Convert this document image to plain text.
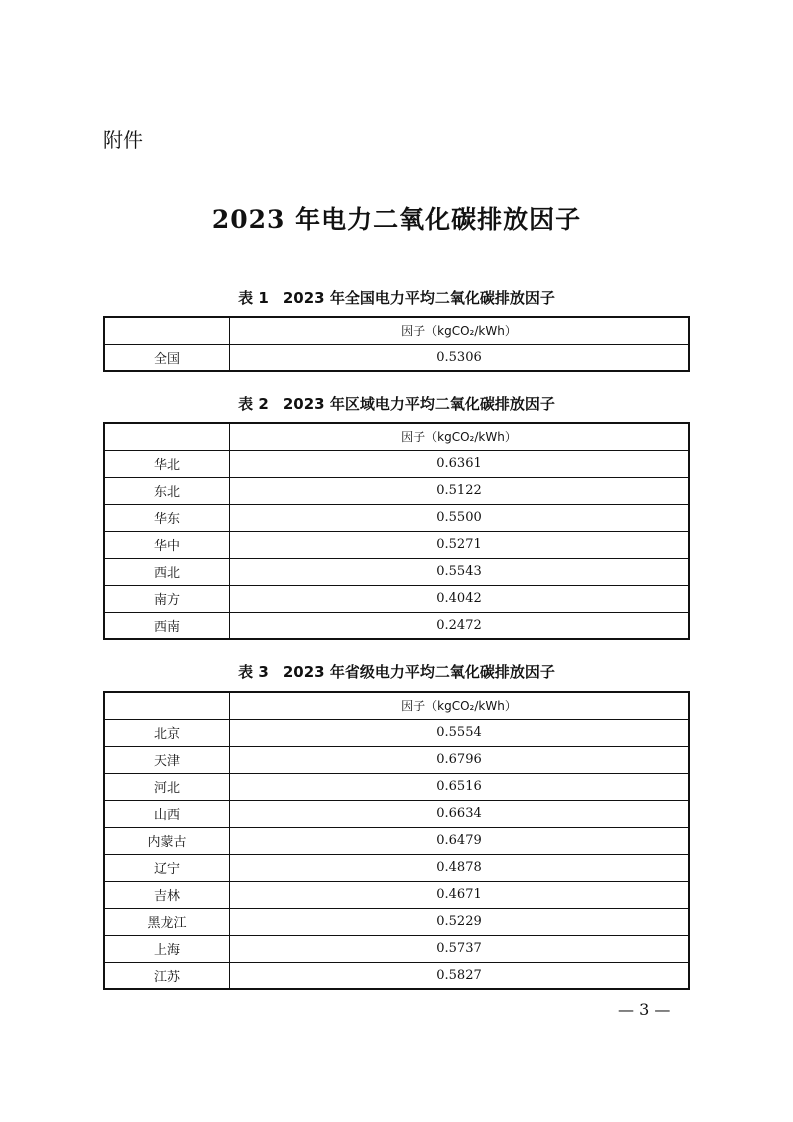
附件
2023 年电力二氧化碳排放因子
表 1 2023 年全国电力平均二氧化碳排放因子
	因子（kgCO₂/kWh）
全国	0.5306
表 2 2023 年区域电力平均二氧化碳排放因子
	因子（kgCO₂/kWh）
华北	0.6361
东北	0.5122
华东	0.5500
华中	0.5271
西北	0.5543
南方	0.4042
西南	0.2472
表 3 2023 年省级电力平均二氧化碳排放因子
	因子（kgCO₂/kWh）
北京	0.5554
天津	0.6796
河北	0.6516
山西	0.6634
内蒙古	0.6479
辽宁	0.4878
吉林	0.4671
黑龙江	0.5229
上海	0.5737
江苏	0.5827
— 3 —
